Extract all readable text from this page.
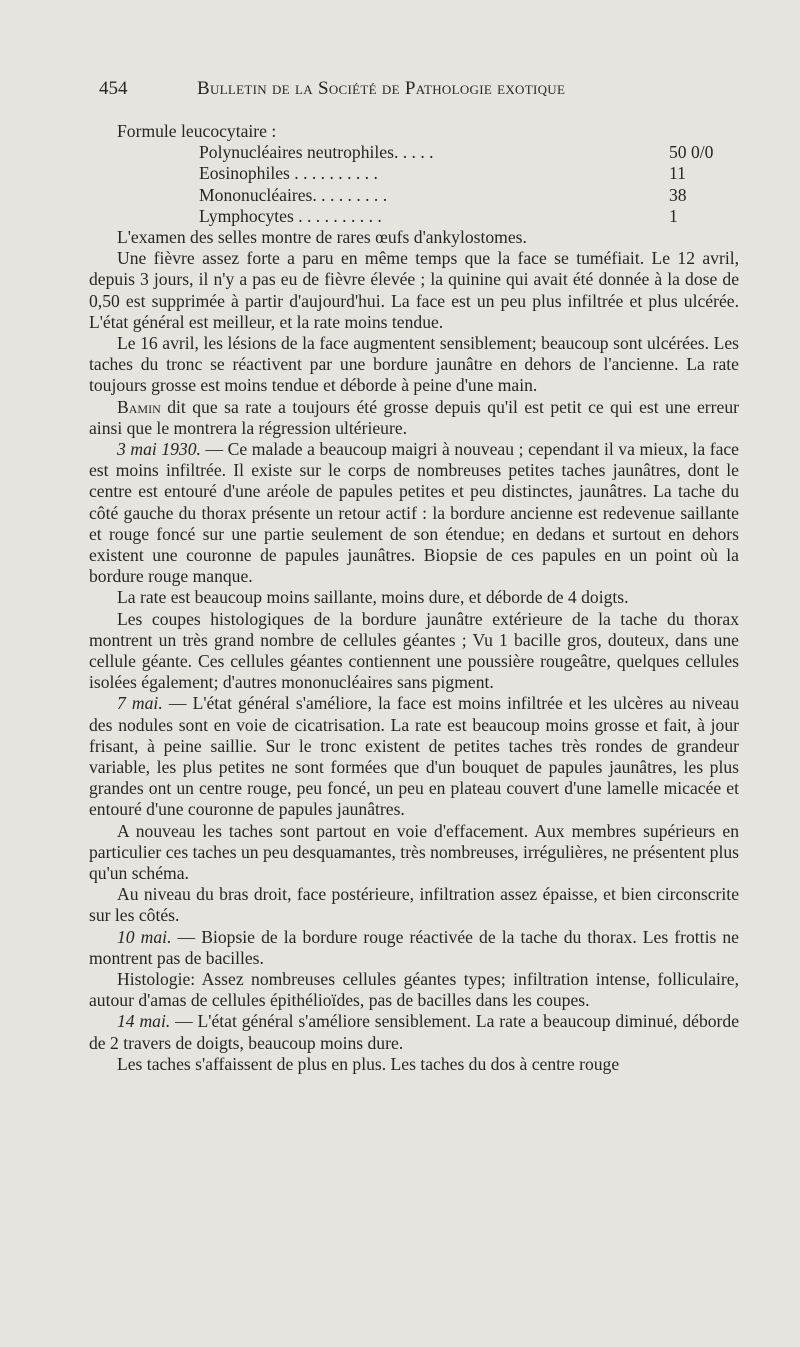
454	Bulletin de la Société de Pathologie exotique

Formule leucocytaire :

Polynucléaires neutrophiles. . . . .	50 0/0
Eosinophiles . . . . . . . . . .	11
Mononucléaires. . . . . . . . .	38
Lymphocytes . . . . . . . . . .	1

L'examen des selles montre de rares œufs d'ankylostomes.

Une fièvre assez forte a paru en même temps que la face se tuméfiait. Le 12 avril, depuis 3 jours, il n'y a pas eu de fièvre élevée ; la quinine qui avait été donnée à la dose de 0,50 est supprimée à partir d'aujourd'hui. La face est un peu plus infiltrée et plus ulcérée. L'état général est meilleur, et la rate moins tendue.

Le 16 avril, les lésions de la face augmentent sensiblement; beaucoup sont ulcérées. Les taches du tronc se réactivent par une bordure jaunâtre en dehors de l'ancienne. La rate toujours grosse est moins tendue et déborde à peine d'une main.

Bamin dit que sa rate a toujours été grosse depuis qu'il est petit ce qui est une erreur ainsi que le montrera la régression ultérieure.

3 mai 1930. — Ce malade a beaucoup maigri à nouveau ; cependant il va mieux, la face est moins infiltrée. Il existe sur le corps de nombreuses petites taches jaunâtres, dont le centre est entouré d'une aréole de papules petites et peu distinctes, jaunâtres. La tache du côté gauche du thorax présente un retour actif : la bordure ancienne est redevenue saillante et rouge foncé sur une partie seulement de son étendue; en dedans et surtout en dehors existent une couronne de papules jaunâtres. Biopsie de ces papules en un point où la bordure rouge manque.

La rate est beaucoup moins saillante, moins dure, et déborde de 4 doigts.

Les coupes histologiques de la bordure jaunâtre extérieure de la tache du thorax montrent un très grand nombre de cellules géantes ; Vu 1 bacille gros, douteux, dans une cellule géante. Ces cellules géantes contiennent une poussière rougeâtre, quelques cellules isolées également; d'autres mononucléaires sans pigment.

7 mai. — L'état général s'améliore, la face est moins infiltrée et les ulcères au niveau des nodules sont en voie de cicatrisation. La rate est beaucoup moins grosse et fait, à jour frisant, à peine saillie. Sur le tronc existent de petites taches très rondes de grandeur variable, les plus petites ne sont formées que d'un bouquet de papules jaunâtres, les plus grandes ont un centre rouge, peu foncé, un peu en plateau couvert d'une lamelle micacée et entouré d'une couronne de papules jaunâtres.

A nouveau les taches sont partout en voie d'effacement. Aux membres supérieurs en particulier ces taches un peu desquamantes, très nombreuses, irrégulières, ne présentent plus qu'un schéma.

Au niveau du bras droit, face postérieure, infiltration assez épaisse, et bien circonscrite sur les côtés.

10 mai. — Biopsie de la bordure rouge réactivée de la tache du thorax. Les frottis ne montrent pas de bacilles.

Histologie: Assez nombreuses cellules géantes types; infiltration intense, folliculaire, autour d'amas de cellules épithélioïdes, pas de bacilles dans les coupes.

14 mai. — L'état général s'améliore sensiblement. La rate a beaucoup diminué, déborde de 2 travers de doigts, beaucoup moins dure.

Les taches s'affaissent de plus en plus. Les taches du dos à centre rouge
